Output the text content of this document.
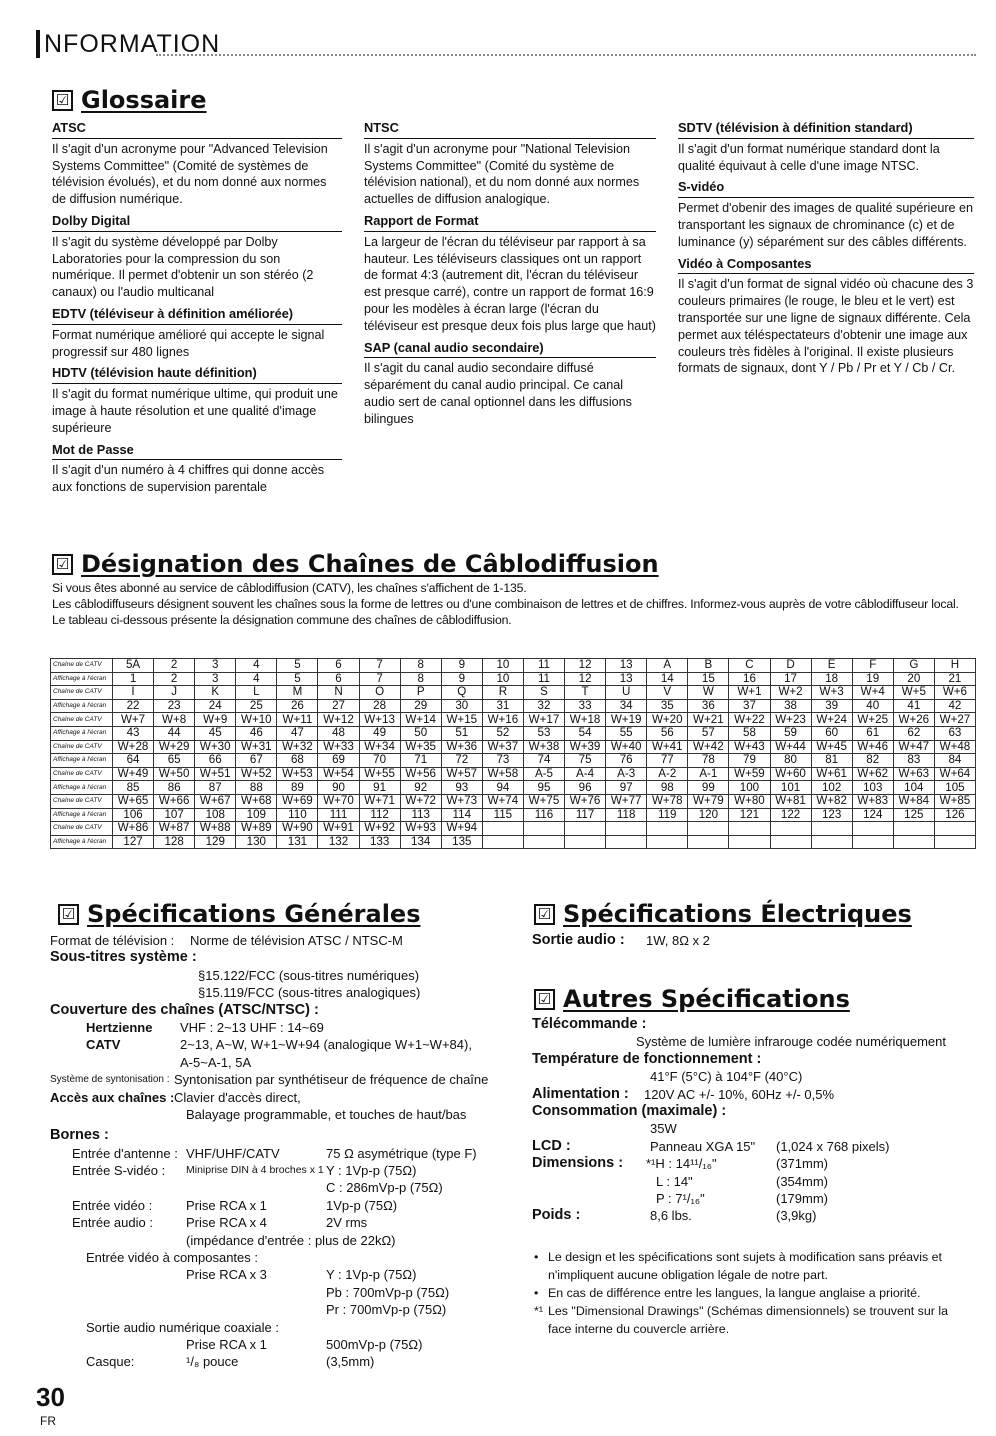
NFORMATION
☑ Glossaire
ATSC
Il s'agit d'un acronyme pour "Advanced Television Systems Committee" (Comité de systèmes de télévision évolués), et du nom donné aux normes de diffusion numérique.
Dolby Digital
Il s'agit du système développé par Dolby Laboratories pour la compression du son numérique. Il permet d'obtenir un son stéréo (2 canaux) ou l'audio multicanal
EDTV (téléviseur à définition améliorée)
Format numérique amélioré qui accepte le signal progressif sur 480 lignes
HDTV (télévision haute définition)
Il s'agit du format numérique ultime, qui produit une image à haute résolution et une qualité d'image supérieure
Mot de Passe
Il s'agit d'un numéro à 4 chiffres qui donne accès aux fonctions de supervision parentale
NTSC
Il s'agit d'un acronyme pour "National Television Systems Committee" (Comité du système de télévision national), et du nom donné aux normes actuelles de diffusion analogique.
Rapport de Format
La largeur de l'écran du téléviseur par rapport à sa hauteur. Les téléviseurs classiques ont un rapport de format 4:3 (autrement dit, l'écran du téléviseur est presque carré), contre un rapport de format 16:9 pour les modèles à écran large (l'écran du téléviseur est presque deux fois plus large que haut)
SAP (canal audio secondaire)
Il s'agit du canal audio secondaire diffusé séparément du canal audio principal. Ce canal audio sert de canal optionnel dans les diffusions bilingues
SDTV (télévision à définition standard)
Il s'agit d'un format numérique standard dont la qualité équivaut à celle d'une image NTSC.
S-vidéo
Permet d'obenir des images de qualité supérieure en transportant les signaux de chrominance (c) et de luminance (y) séparément sur des câbles différents.
Vidéo à Composantes
Il s'agit d'un format de signal vidéo où chacune des 3 couleurs primaires (le rouge, le bleu et le vert) est transportée sur une ligne de signaux différente. Cela permet aux téléspectateurs d'obtenir une image aux couleurs très fidèles à l'original. Il existe plusieurs formats de signaux, dont Y / Pb / Pr et Y / Cb / Cr.
☑ Désignation des Chaînes de Câblodiffusion
Si vous êtes abonné au service de câblodiffusion (CATV), les chaînes s'affichent de 1-135.
Les câblodiffuseurs désignent souvent les chaînes sous la forme de lettres ou d'une combinaison de lettres et de chiffres. Informez-vous auprès de votre câblodiffuseur local.
Le tableau ci-dessous présente la désignation commune des chaînes de câblodiffusion.
Chaîne de CATV	5A	2	3	4	5	6	7	8	9	10	11	12	13	A	B	C	D	E	F	G	H
Affichage à l'écran	1	2	3	4	5	6	7	8	9	10	11	12	13	14	15	16	17	18	19	20	21
Chaîne de CATV	I	J	K	L	M	N	O	P	Q	R	S	T	U	V	W	W+1	W+2	W+3	W+4	W+5	W+6
Affichage à l'écran	22	23	24	25	26	27	28	29	30	31	32	33	34	35	36	37	38	39	40	41	42
Chaîne de CATV	W+7	W+8	W+9	W+10	W+11	W+12	W+13	W+14	W+15	W+16	W+17	W+18	W+19	W+20	W+21	W+22	W+23	W+24	W+25	W+26	W+27
Affichage à l'écran	43	44	45	46	47	48	49	50	51	52	53	54	55	56	57	58	59	60	61	62	63
Chaîne de CATV	W+28	W+29	W+30	W+31	W+32	W+33	W+34	W+35	W+36	W+37	W+38	W+39	W+40	W+41	W+42	W+43	W+44	W+45	W+46	W+47	W+48
Affichage à l'écran	64	65	66	67	68	69	70	71	72	73	74	75	76	77	78	79	80	81	82	83	84
Chaîne de CATV	W+49	W+50	W+51	W+52	W+53	W+54	W+55	W+56	W+57	W+58	A-5	A-4	A-3	A-2	A-1	W+59	W+60	W+61	W+62	W+63	W+64
Affichage à l'écran	85	86	87	88	89	90	91	92	93	94	95	96	97	98	99	100	101	102	103	104	105
Chaîne de CATV	W+65	W+66	W+67	W+68	W+69	W+70	W+71	W+72	W+73	W+74	W+75	W+76	W+77	W+78	W+79	W+80	W+81	W+82	W+83	W+84	W+85
Affichage à l'écran	106	107	108	109	110	111	112	113	114	115	116	117	118	119	120	121	122	123	124	125	126
Chaîne de CATV	W+86	W+87	W+88	W+89	W+90	W+91	W+92	W+93	W+94												
Affichage à l'écran	127	128	129	130	131	132	133	134	135												
☑ Spécifications Générales
Format de télévision : Norme de télévision ATSC / NTSC-M
Sous-titres système :
§15.122/FCC (sous-titres numériques)
§15.119/FCC (sous-titres analogiques)
Couverture des chaînes (ATSC/NTSC) :
Hertzienne VHF : 2~13 UHF : 14~69
CATV	2~13, A~W, W+1~W+94 (analogique W+1~W+84),
A-5~A-1, 5A
Système de syntonisation : Syntonisation par synthétiseur de fréquence de chaîne
Accès aux chaînes : Clavier d'accès direct,
Balayage programmable, et touches de haut/bas
Bornes :
Entrée d'antenne : VHF/UHF/CATV	75 Ω asymétrique (type F)
Entrée S-vidéo : Miniprise DIN à 4 broches x 1 Y : 1Vp-p (75Ω)
C : 286mVp-p (75Ω)
Entrée vidéo :	Prise RCA x 1	1Vp-p (75Ω)
Entrée audio :	Prise RCA x 4	2V rms
(impédance d'entrée : plus de 22kΩ)
Entrée vidéo à composantes :
Prise RCA x 3	Y : 1Vp-p (75Ω)
Pb : 700mVp-p (75Ω)
Pr : 700mVp-p (75Ω)
Sortie audio numérique coaxiale :
Prise RCA x 1	500mVp-p (75Ω)
Casque:	¹/₈ pouce	(3,5mm)
☑ Spécifications Électriques
Sortie audio : 1W, 8Ω x 2
☑ Autres Spécifications
Télécommande :
Système de lumière infrarouge codée numériquement
Température de fonctionnement :
41°F (5°C) à 104°F (40°C)
Alimentation : 120V AC +/- 10%, 60Hz +/- 0,5%
Consommation (maximale) :
35W
LCD :	Panneau XGA 15" (1,024 x 768 pixels)
Dimensions : *¹H : 14¹¹/₁₆"	(371mm)
L : 14"	(354mm)
P : 7¹/₁₆"	(179mm)
Poids :	8,6 lbs.	(3,9kg)
• Le design et les spécifications sont sujets à modification sans préavis et n'impliquent aucune obligation légale de notre part.
• En cas de différence entre les langues, la langue anglaise a priorité.
*¹ Les "Dimensional Drawings" (Schémas dimensionnels) se trouvent sur la face interne du couvercle arrière.
30
FR
